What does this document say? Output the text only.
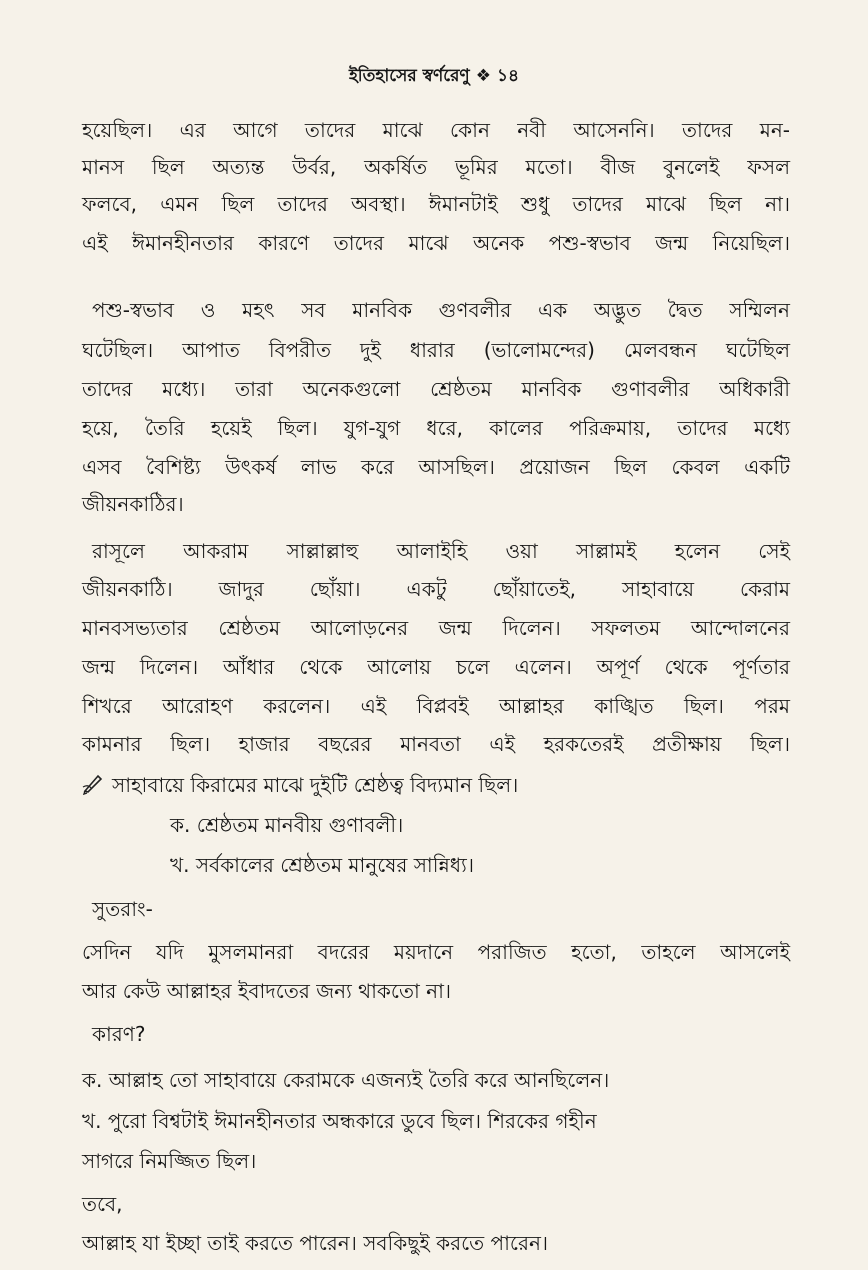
ইতিহাসের স্বর্ণরেণু ❖ ১৪
হয়েছিল। এর আগে তাদের মাঝে কোন নবী আসেননি। তাদের মন-
মানস ছিল অত্যন্ত উর্বর, অকর্ষিত ভূমির মতো। বীজ বুনলেই ফসল
ফলবে, এমন ছিল তাদের অবস্থা। ঈমানটাই শুধু তাদের মাঝে ছিল না।
এই ঈমানহীনতার কারণে তাদের মাঝে অনেক পশু-স্বভাব জন্ম নিয়েছিল।
পশু-স্বভাব ও মহৎ সব মানবিক গুণবলীর এক অদ্ভুত দ্বৈত সম্মিলন
ঘটেছিল। আপাত বিপরীত দুই ধারার (ভালোমন্দের) মেলবন্ধন ঘটেছিল
তাদের মধ্যে। তারা অনেকগুলো শ্রেষ্ঠতম মানবিক গুণাবলীর অধিকারী
হয়ে, তৈরি হয়েই ছিল। যুগ-যুগ ধরে, কালের পরিক্রমায়, তাদের মধ্যে
এসব বৈশিষ্ট্য উৎকর্ষ লাভ করে আসছিল। প্রয়োজন ছিল কেবল একটি
জীয়নকাঠির।
রাসূলে আকরাম সাল্লাল্লাহু আলাইহি ওয়া সাল্লামই হলেন সেই
জীয়নকাঠি। জাদুর ছোঁয়া। একটু ছোঁয়াতেই, সাহাবায়ে কেরাম
মানবসভ্যতার শ্রেষ্ঠতম আলোড়নের জন্ম দিলেন। সফলতম আন্দোলনের
জন্ম দিলেন। আঁধার থেকে আলোয় চলে এলেন। অপূর্ণ থেকে পূর্ণতার
শিখরে আরোহণ করলেন। এই বিপ্লবই আল্লাহর কাঙ্খিত ছিল। পরম
কামনার ছিল। হাজার বছরের মানবতা এই হরকতেরই প্রতীক্ষায় ছিল।
সাহাবায়ে কিরামের মাঝে দুইটি শ্রেষ্ঠত্ব বিদ্যমান ছিল।
ক. শ্রেষ্ঠতম মানবীয় গুণাবলী।
খ. সর্বকালের শ্রেষ্ঠতম মানুষের সান্নিধ্য।
সুতরাং-
সেদিন যদি মুসলমানরা বদরের ময়দানে পরাজিত হতো, তাহলে আসলেই
আর কেউ আল্লাহর ইবাদতের জন্য থাকতো না।
কারণ?
ক. আল্লাহ তো সাহাবায়ে কেরামকে এজন্যই তৈরি করে আনছিলেন।
খ. পুরো বিশ্বটাই ঈমানহীনতার অন্ধকারে ডুবে ছিল। শিরকের গহীন
সাগরে নিমজ্জিত ছিল।
তবে,
আল্লাহ যা ইচ্ছা তাই করতে পারেন। সবকিছুই করতে পারেন।
